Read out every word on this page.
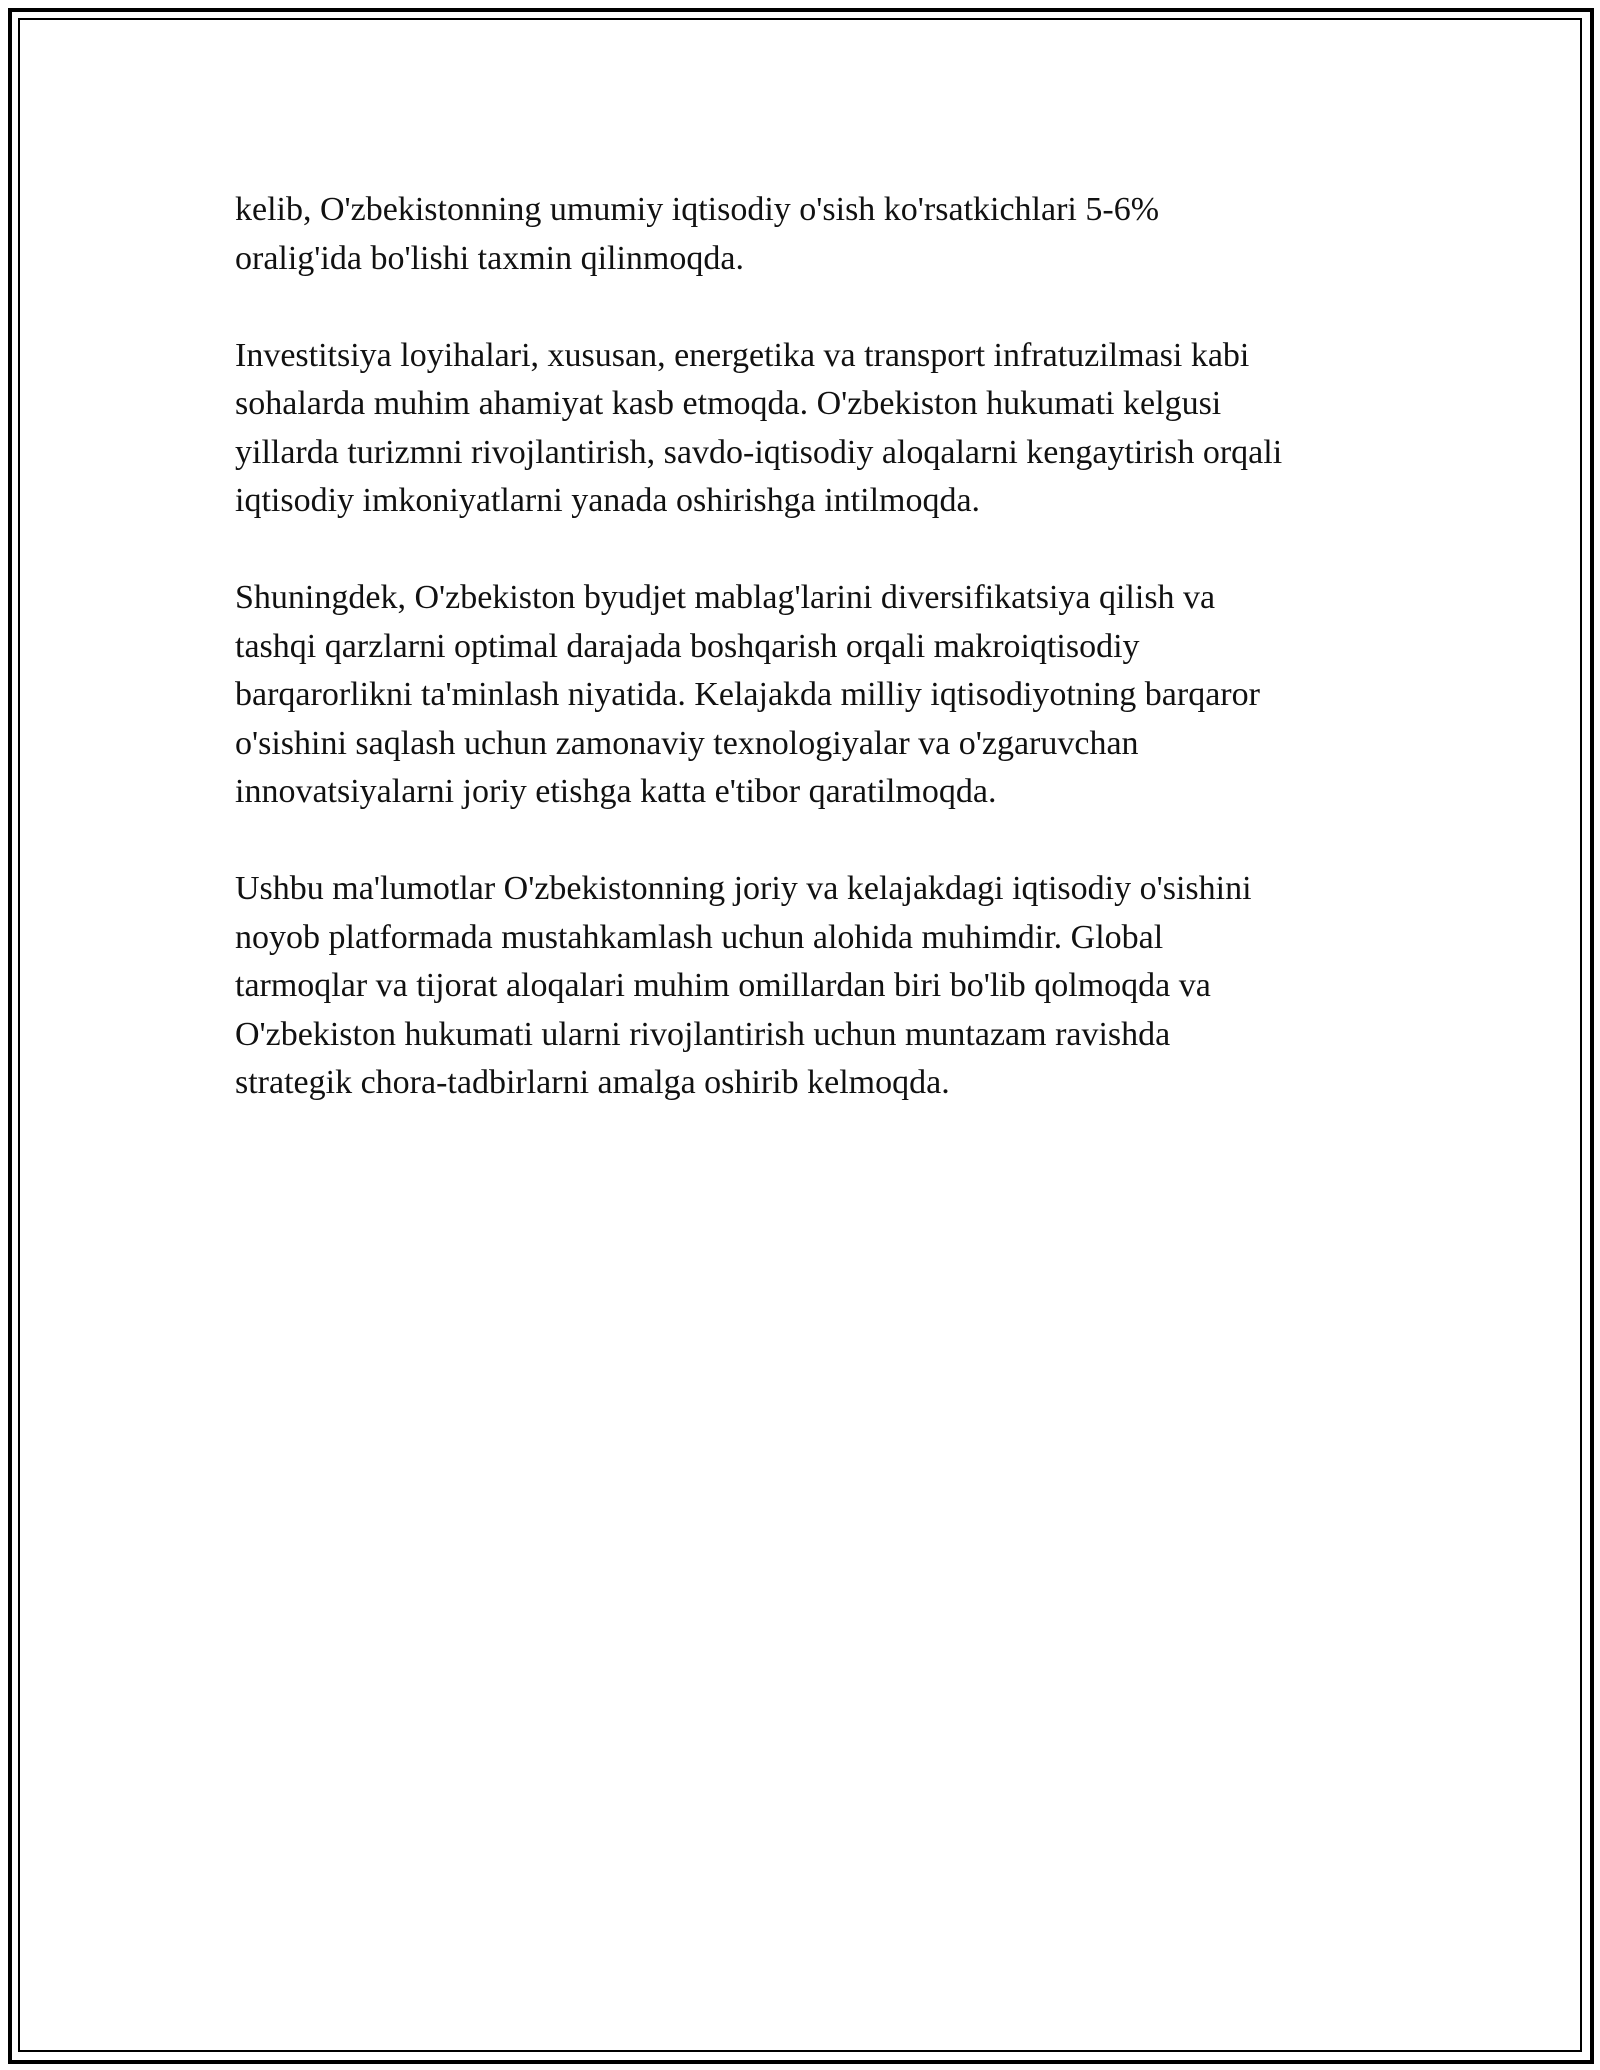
kelib, O'zbekistonning umumiy iqtisodiy o'sish ko'rsatkichlari 5-6%
oralig'ida bo'lishi taxmin qilinmoqda.

Investitsiya loyihalari, xususan, energetika va transport infratuzilmasi kabi
sohalarda muhim ahamiyat kasb etmoqda. O'zbekiston hukumati kelgusi
yillarda turizmni rivojlantirish, savdo-iqtisodiy aloqalarni kengaytirish orqali
iqtisodiy imkoniyatlarni yanada oshirishga intilmoqda.

Shuningdek, O'zbekiston byudjet mablag'larini diversifikatsiya qilish va
tashqi qarzlarni optimal darajada boshqarish orqali makroiqtisodiy
barqarorlikni ta'minlash niyatida. Kelajakda milliy iqtisodiyotning barqaror
o'sishini saqlash uchun zamonaviy texnologiyalar va o'zgaruvchan
innovatsiyalarni joriy etishga katta e'tibor qaratilmoqda.

Ushbu ma'lumotlar O'zbekistonning joriy va kelajakdagi iqtisodiy o'sishini
noyob platformada mustahkamlash uchun alohida muhimdir. Global
tarmoqlar va tijorat aloqalari muhim omillardan biri bo'lib qolmoqda va
O'zbekiston hukumati ularni rivojlantirish uchun muntazam ravishda
strategik chora-tadbirlarni amalga oshirib kelmoqda.
